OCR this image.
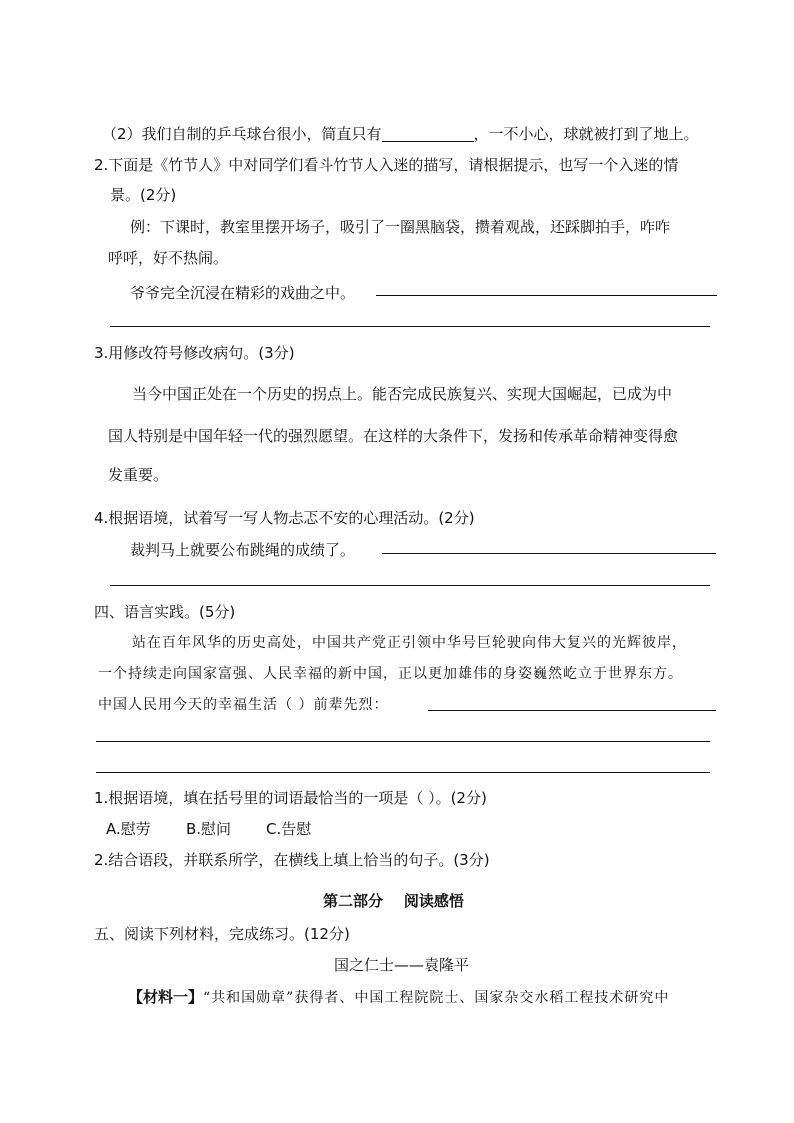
（2）我们自制的乒乓球台很小，简直只有	，一不小心，球就被打到了地上。
2.下面是《竹节人》中对同学们看斗竹节人入迷的描写，请根据提示，也写一个入迷的情
景。(2分)
例：下课时，教室里摆开场子，吸引了一圈黑脑袋，攒着观战，还踩脚拍手，咋咋
呼呼，好不热闹。
爷爷完全沉浸在精彩的戏曲之中。
3.用修改符号修改病句。(3分)
当今中国正处在一个历史的拐点上。能否完成民族复兴、实现大国崛起，已成为中
国人特别是中国年轻一代的强烈愿望。在这样的大条件下，发扬和传承革命精神变得愈
发重要。
4.根据语境，试着写一写人物忐忑不安的心理活动。(2分)
裁判马上就要公布跳绳的成绩了。
四、语言实践。(5分)
站在百年风华的历史高处，中国共产党正引领中华号巨轮驶向伟大复兴的光辉彼岸，
一个持续走向国家富强、人民幸福的新中国，正以更加雄伟的身姿巍然屹立于世界东方。
中国人民用今天的幸福生活（ ）前辈先烈：
1.根据语境，填在括号里的词语最恰当的一项是（ ）。(2分)
A.慰劳 B.慰问 C.告慰
2.结合语段，并联系所学，在横线上填上恰当的句子。(3分)
第二部分    阅读感悟
五、阅读下列材料，完成练习。(12分)
国之仁士——袁隆平
【材料一】“共和国勋章”获得者、中国工程院院士、国家杂交水稻工程技术研究中
